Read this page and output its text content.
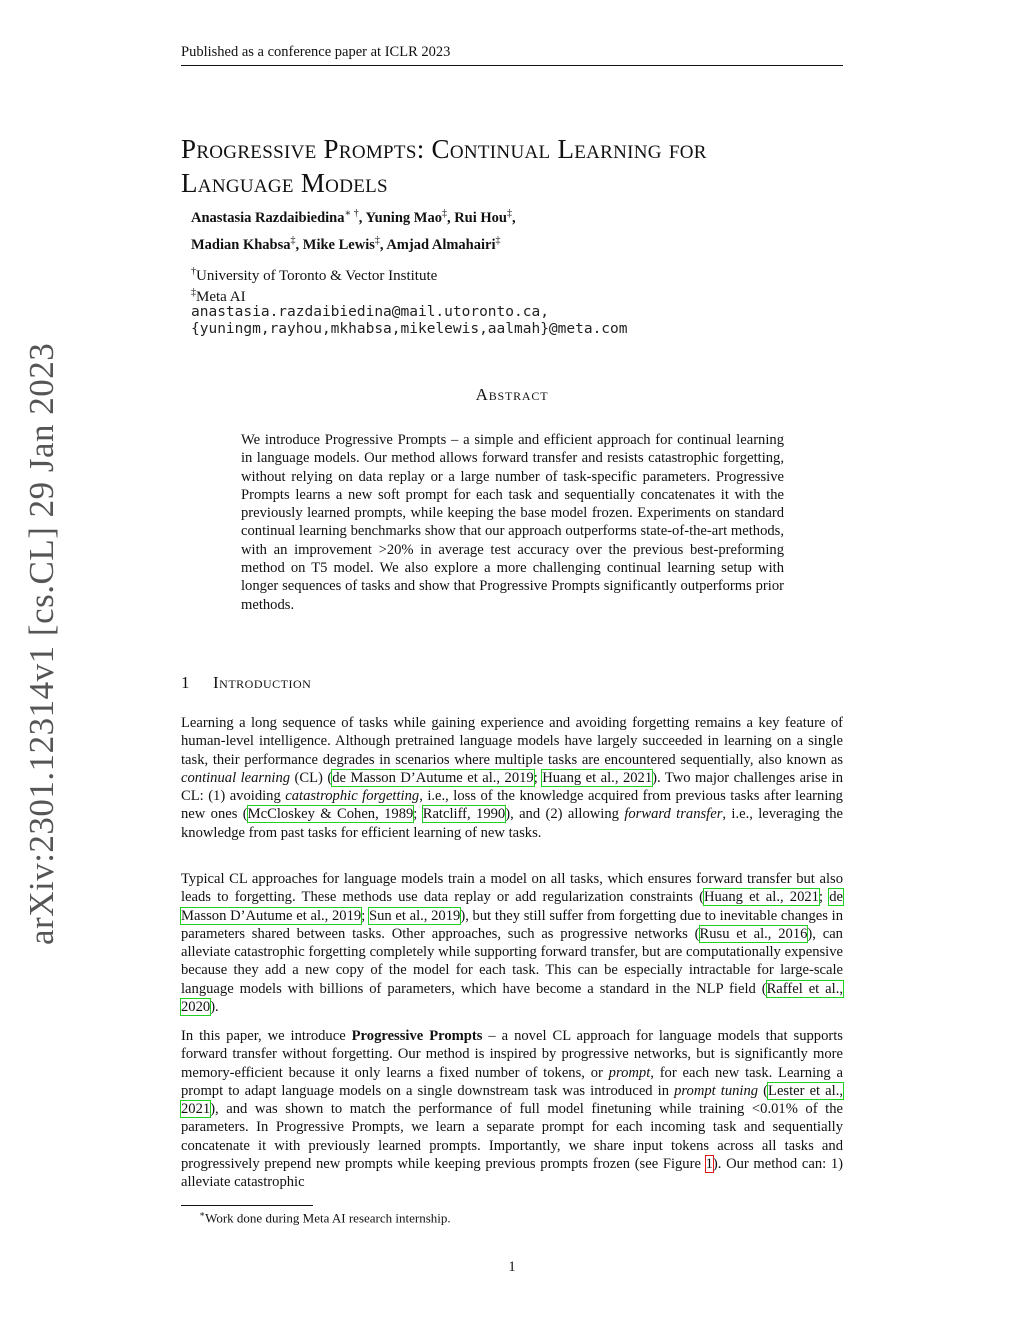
Published as a conference paper at ICLR 2023
arXiv:2301.12314v1 [cs.CL] 29 Jan 2023
Progressive Prompts: Continual Learning for
Language Models
Anastasia Razdaibiedina∗ †, Yuning Mao‡, Rui Hou‡,
Madian Khabsa‡, Mike Lewis‡, Amjad Almahairi‡
†University of Toronto & Vector Institute
‡Meta AI
anastasia.razdaibiedina@mail.utoronto.ca,
{yuningm,rayhou,mkhabsa,mikelewis,aalmah}@meta.com
Abstract
We introduce Progressive Prompts – a simple and efficient approach for continual learning in language models. Our method allows forward transfer and resists catastrophic forgetting, without relying on data replay or a large number of task-specific parameters. Progressive Prompts learns a new soft prompt for each task and sequentially concatenates it with the previously learned prompts, while keeping the base model frozen. Experiments on standard continual learning benchmarks show that our approach outperforms state-of-the-art methods, with an improvement >20% in average test accuracy over the previous best-preforming method on T5 model. We also explore a more challenging continual learning setup with longer sequences of tasks and show that Progressive Prompts significantly outperforms prior methods.
1 Introduction
Learning a long sequence of tasks while gaining experience and avoiding forgetting remains a key feature of human-level intelligence. Although pretrained language models have largely succeeded in learning on a single task, their performance degrades in scenarios where multiple tasks are encountered sequentially, also known as continual learning (CL) (de Masson D’Autume et al., 2019; Huang et al., 2021). Two major challenges arise in CL: (1) avoiding catastrophic forgetting, i.e., loss of the knowledge acquired from previous tasks after learning new ones (McCloskey & Cohen, 1989; Ratcliff, 1990), and (2) allowing forward transfer, i.e., leveraging the knowledge from past tasks for efficient learning of new tasks.
Typical CL approaches for language models train a model on all tasks, which ensures forward transfer but also leads to forgetting. These methods use data replay or add regularization constraints (Huang et al., 2021; de Masson D’Autume et al., 2019; Sun et al., 2019), but they still suffer from forgetting due to inevitable changes in parameters shared between tasks. Other approaches, such as progressive networks (Rusu et al., 2016), can alleviate catastrophic forgetting completely while supporting forward transfer, but are computationally expensive because they add a new copy of the model for each task. This can be especially intractable for large-scale language models with billions of parameters, which have become a standard in the NLP field (Raffel et al., 2020).
In this paper, we introduce Progressive Prompts – a novel CL approach for language models that supports forward transfer without forgetting. Our method is inspired by progressive networks, but is significantly more memory-efficient because it only learns a fixed number of tokens, or prompt, for each new task. Learning a prompt to adapt language models on a single downstream task was introduced in prompt tuning (Lester et al., 2021), and was shown to match the performance of full model finetuning while training <0.01% of the parameters. In Progressive Prompts, we learn a separate prompt for each incoming task and sequentially concatenate it with previously learned prompts. Importantly, we share input tokens across all tasks and progressively prepend new prompts while keeping previous prompts frozen (see Figure 1). Our method can: 1) alleviate catastrophic
∗Work done during Meta AI research internship.
1
